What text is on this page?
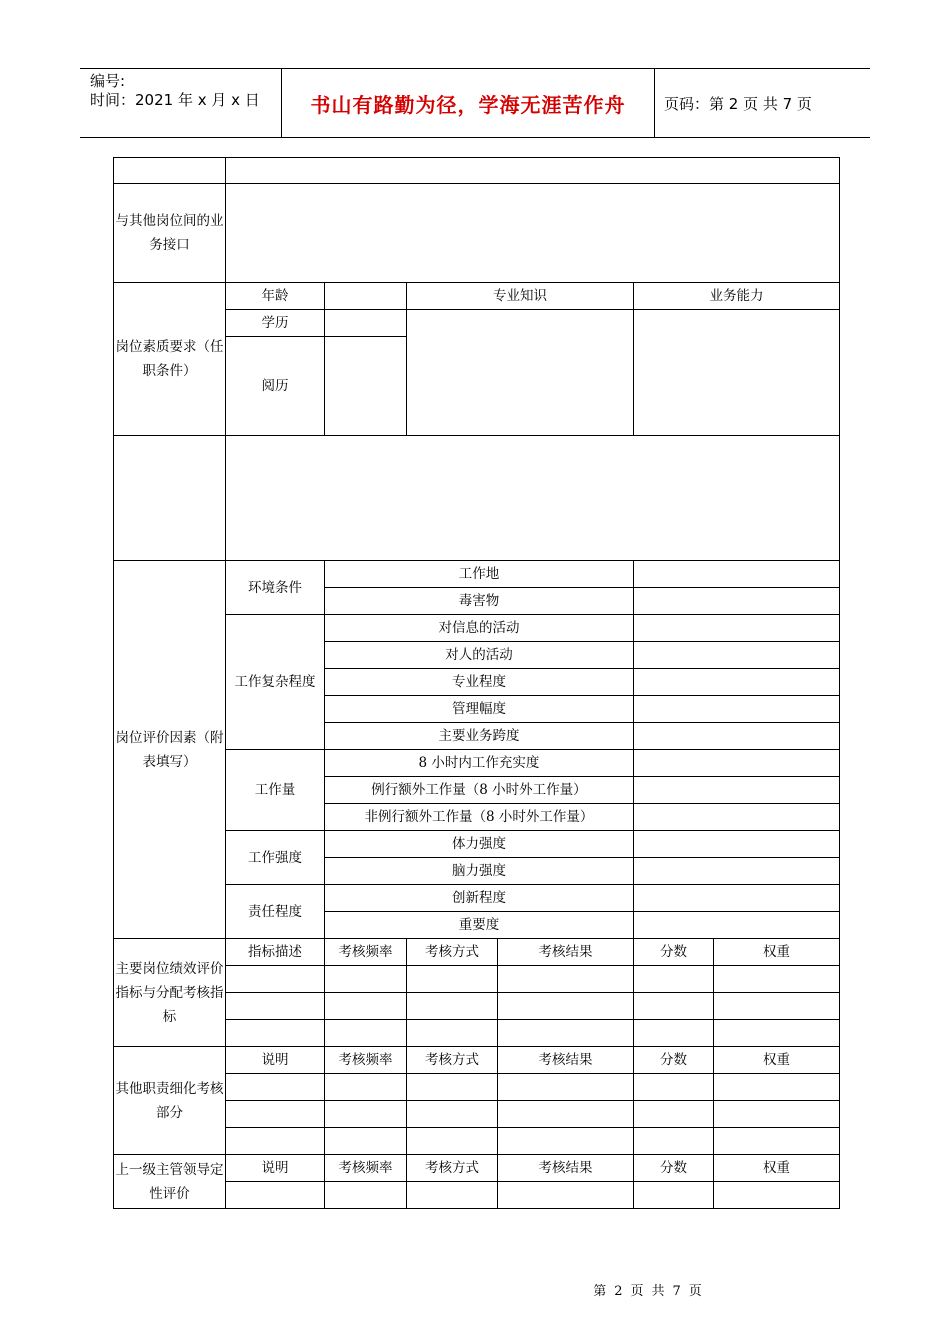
编号:
时间：2021 年 x 月 x 日	书山有路勤为径，学海无涯苦作舟	页码：第 2 页 共 7 页

与其他岗位间的业务接口						
岗位素质要求（任职条件）	年龄		专业知识		业务能力	
	学历					
	阅历					

岗位评价因素（附表填写）	环境条件	工作地				
		毒害物				
	工作复杂程度	对信息的活动				
		对人的活动				
		专业程度				
		管理幅度				
		主要业务跨度				
	工作量	8 小时内工作充实度				
		例行额外工作量（8 小时外工作量）				
		非例行额外工作量（8 小时外工作量）				
	工作强度	体力强度				
		脑力强度				
	责任程度	创新程度				
		重要度				
主要岗位绩效评价指标与分配考核指标	指标描述	考核频率	考核方式	考核结果	分数	权重

其他职责细化考核部分	说明	考核频率	考核方式	考核结果	分数	权重

上一级主管领导定性评价	说明	考核频率	考核方式	考核结果	分数	权重

第 2 页 共 7 页
